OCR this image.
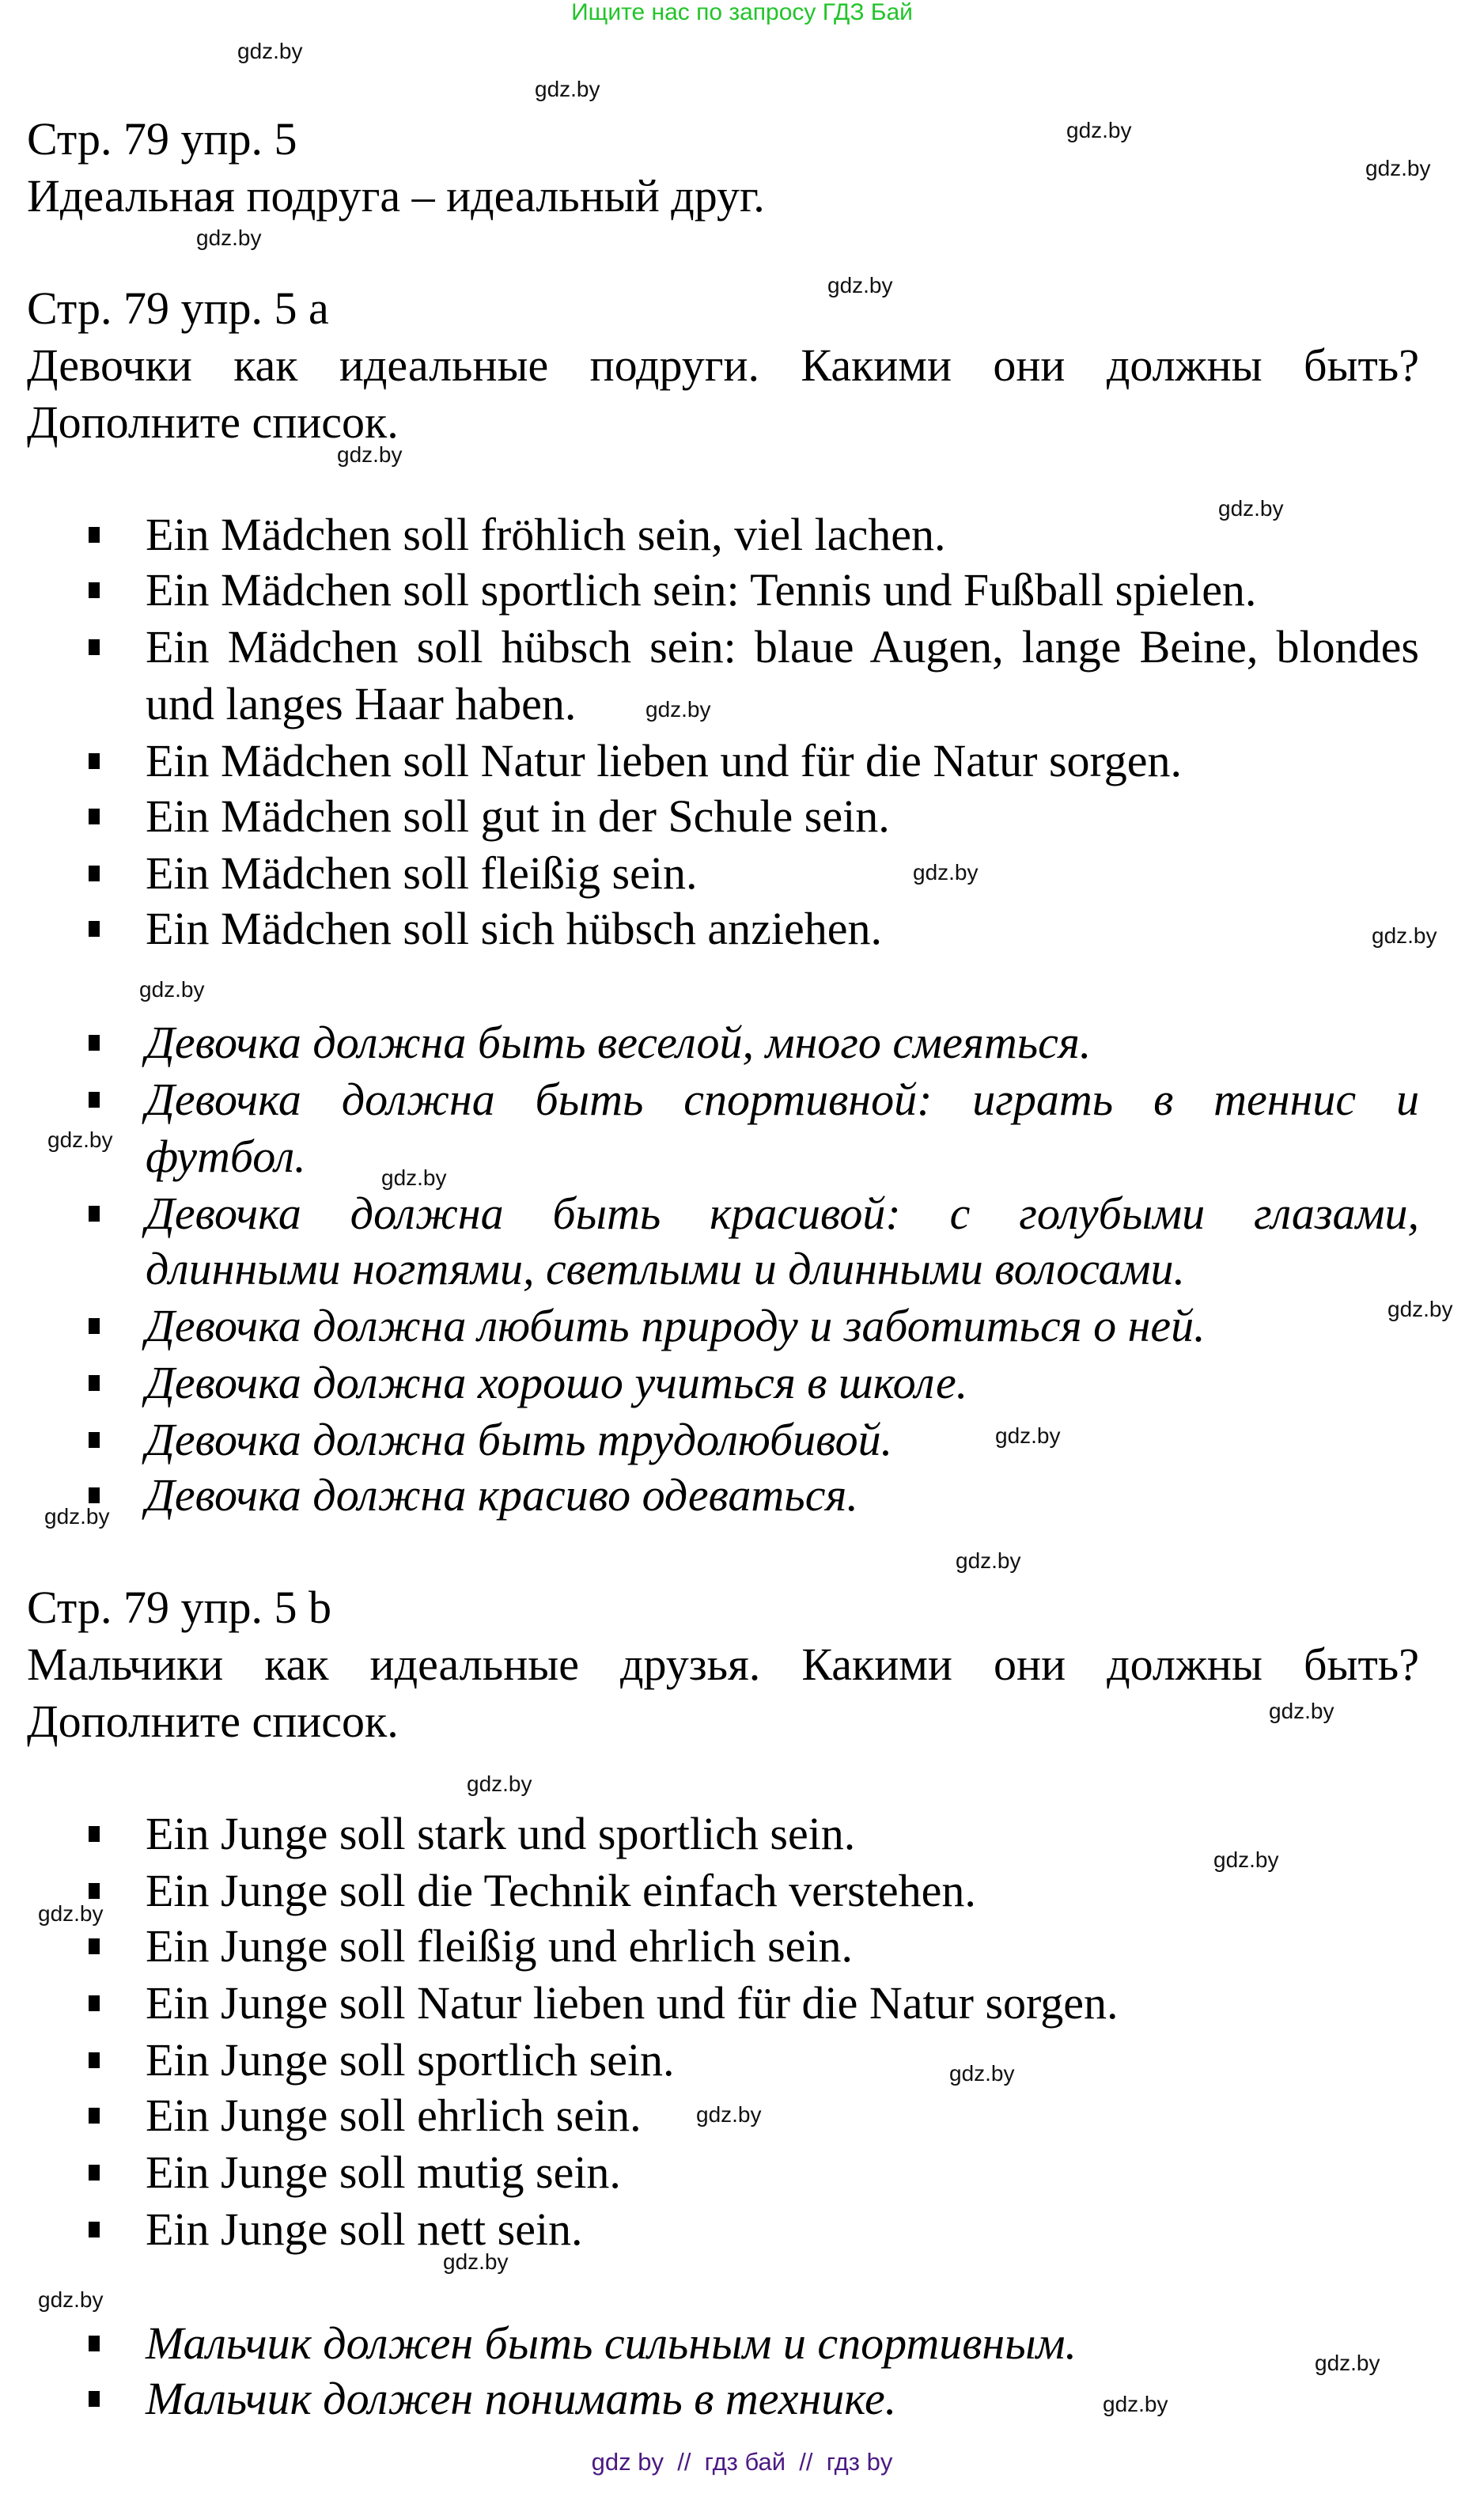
Ищите нас по запросу ГДЗ Бай
gdz.by
gdz.by
gdz.by
gdz.by
gdz.by
gdz.by
gdz.by
gdz.by
gdz.by
gdz.by
gdz.by
gdz.by
gdz.by
gdz.by
gdz.by
gdz.by
gdz.by
gdz.by
gdz.by
gdz.by
gdz.by
gdz.by
gdz.by
gdz.by
gdz.by
gdz.by
gdz.by
gdz.by
Стр. 79 упр. 5
Идеальная подруга – идеальный друг.
Стр. 79 упр. 5 a
Девочки как идеальные подруги. Какими они должны быть?
Дополните список.
Ein Mädchen soll fröhlich sein, viel lachen.
Ein Mädchen soll sportlich sein: Tennis und Fußball spielen.
Ein Mädchen soll hübsch sein: blaue Augen, lange Beine, blondes
und langes Haar haben.
Ein Mädchen soll Natur lieben und für die Natur sorgen.
Ein Mädchen soll gut in der Schule sein.
Ein Mädchen soll fleißig sein.
Ein Mädchen soll sich hübsch anziehen.
Девочка должна быть веселой, много смеяться.
Девочка должна быть спортивной: играть в теннис и
футбол.
Девочка должна быть красивой: с голубыми глазами,
длинными ногтями, светлыми и длинными волосами.
Девочка должна любить природу и заботиться о ней.
Девочка должна хорошо учиться в школе.
Девочка должна быть трудолюбивой.
Девочка должна красиво одеваться.
Стр. 79 упр. 5 b
Мальчики как идеальные друзья. Какими они должны быть?
Дополните список.
Ein Junge soll stark und sportlich sein.
Ein Junge soll die Technik einfach verstehen.
Ein Junge soll fleißig und ehrlich sein.
Ein Junge soll Natur lieben und für die Natur sorgen.
Ein Junge soll sportlich sein.
Ein Junge soll ehrlich sein.
Ein Junge soll mutig sein.
Ein Junge soll nett sein.
Мальчик должен быть сильным и спортивным.
Мальчик должен понимать в технике.
gdz by  //  гдз бай  //  гдз by
